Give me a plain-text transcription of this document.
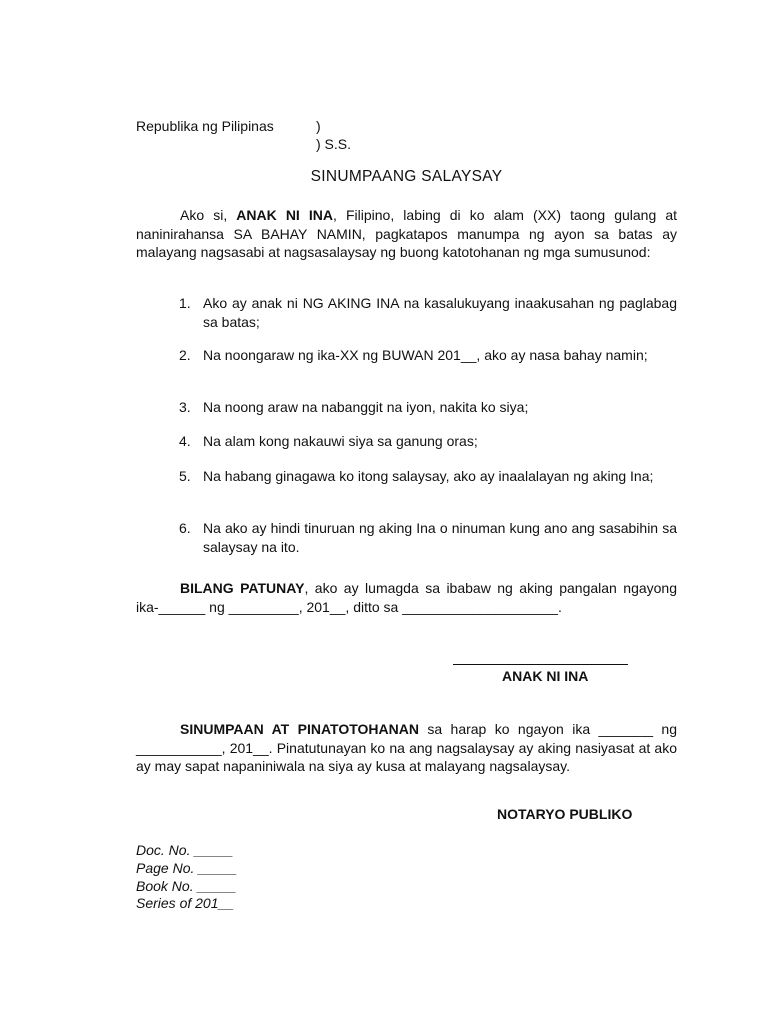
Republika ng Pilipinas	)
) S.S.
SINUMPAANG SALAYSAY
Ako si, ANAK NI INA, Filipino, labing di ko alam (XX) taong gulang at naninirahansa SA BAHAY NAMIN, pagkatapos manumpa ng ayon sa batas ay malayang nagsasabi at nagsasalaysay ng buong katotohanan ng mga sumusunod:
1. Ako ay anak ni NG AKING INA na kasalukuyang inaakusahan ng paglabag sa batas;
2. Na noongaraw ng ika-XX ng BUWAN 201__, ako ay nasa bahay namin;
3. Na noong araw na nabanggit na iyon, nakita ko siya;
4. Na alam kong nakauwi siya sa ganung oras;
5. Na habang ginagawa ko itong salaysay, ako ay inaalalayan ng aking Ina;
6. Na ako ay hindi tinuruan ng aking Ina o ninuman kung ano ang sasabihin sa salaysay na ito.
BILANG PATUNAY, ako ay lumagda sa ibabaw ng aking pangalan ngayong ika-______ ng _________, 201__, ditto sa ____________________.
ANAK NI INA
SINUMPAAN AT PINATOTOHANAN sa harap ko ngayon ika _______ ng ___________, 201__. Pinatutunayan ko na ang nagsalaysay ay aking nasiyasat at ako ay may sapat napaniniwala na siya ay kusa at malayang nagsalaysay.
NOTARYO PUBLIKO
Doc. No. _____
Page No. _____
Book No. _____
Series of 201__
